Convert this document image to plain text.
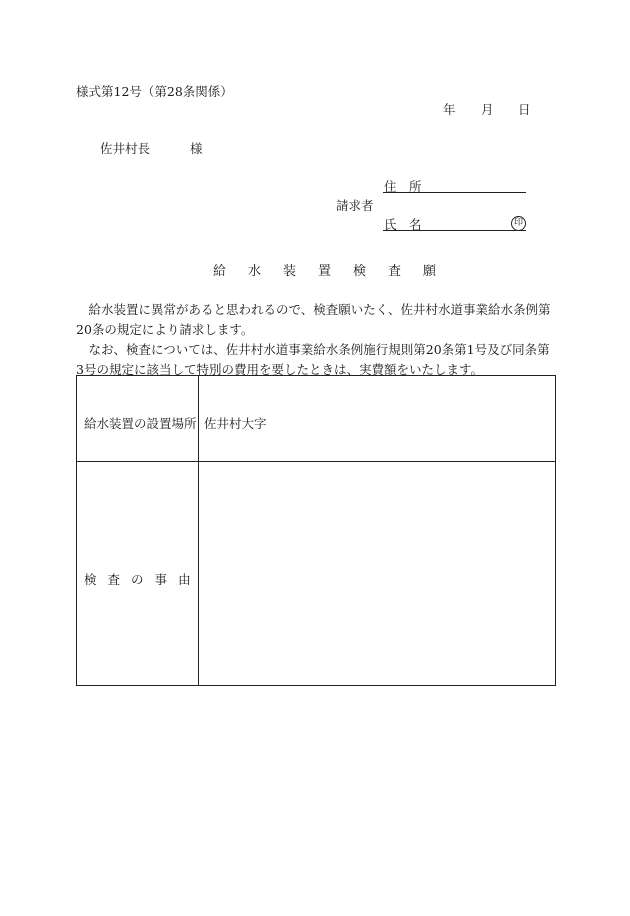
様式第12号（第28条関係）
年 月 日
佐井村長	様
請求者
住　所
氏　名	印
給水装置検査願

給水装置に異常があると思われるので、検査願いたく、佐井村水道事業給水条例第20条の規定により請求します。

なお、検査については、佐井村水道事業給水条例施行規則第20条第1号及び同条第3号の規定に該当して特別の費用を要したときは、実費額をいたします。

給水装置の設置場所 佐井村大字
検 査 の 事 由
